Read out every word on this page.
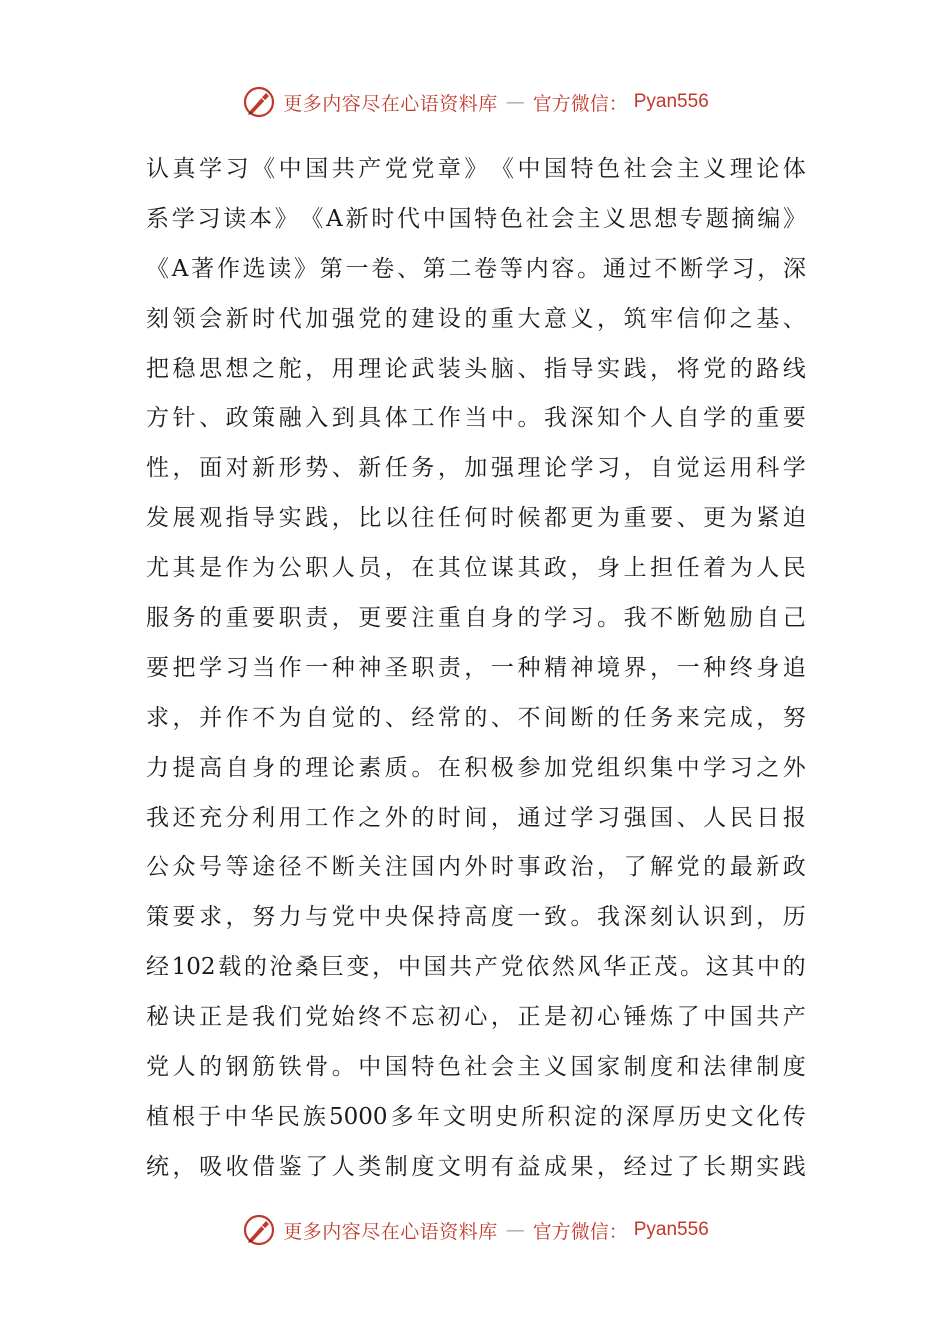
更多内容尽在心语资料库 — 官方微信： Pyan556
认 真 学 习 《 中 国 共 产 党 党 章 》 《 中 国 特 色 社 会 主 义 理 论 体
系 学 习 读 本 》 《 A 新 时 代 中 国 特 色 社 会 主 义 思 想 专 题 摘 编 》
《 A 著 作 选 读 》 第 一 卷 、 第 二 卷 等 内 容 。 通 过 不 断 学 习 ， 深
刻 领 会 新 时 代 加 强 党 的 建 设 的 重 大 意 义 ， 筑 牢 信 仰 之 基 、
把 稳 思 想 之 舵 ， 用 理 论 武 装 头 脑 、 指 导 实 践 ， 将 党 的 路 线
方 针 、 政 策 融 入 到 具 体 工 作 当 中 。 我 深 知 个 人 自 学 的 重 要
性 ， 面 对 新 形 势 、 新 任 务 ， 加 强 理 论 学 习 ， 自 觉 运 用 科 学
发 展 观 指 导 实 践 ， 比 以 往 任 何 时 候 都 更 为 重 要 、 更 为 紧 迫
尤 其 是 作 为 公 职 人 员 ， 在 其 位 谋 其 政 ， 身 上 担 任 着 为 人 民
服 务 的 重 要 职 责 ， 更 要 注 重 自 身 的 学 习 。 我 不 断 勉 励 自 己
要 把 学 习 当 作 一 种 神 圣 职 责 ， 一 种 精 神 境 界 ， 一 种 终 身 追
求 ， 并 作 不 为 自 觉 的 、 经 常 的 、 不 间 断 的 任 务 来 完 成 ， 努
力 提 高 自 身 的 理 论 素 质 。 在 积 极 参 加 党 组 织 集 中 学 习 之 外
我 还 充 分 利 用 工 作 之 外 的 时 间 ， 通 过 学 习 强 国 、 人 民 日 报
公 众 号 等 途 径 不 断 关 注 国 内 外 时 事 政 治 ， 了 解 党 的 最 新 政
策 要 求 ， 努 力 与 党 中 央 保 持 高 度 一 致 。 我 深 刻 认 识 到 ， 历
经 102 载 的 沧 桑 巨 变 ， 中 国 共 产 党 依 然 风 华 正 茂 。 这 其 中 的
秘 诀 正 是 我 们 党 始 终 不 忘 初 心 ， 正 是 初 心 锤 炼 了 中 国 共 产
党 人 的 钢 筋 铁 骨 。 中 国 特 色 社 会 主 义 国 家 制 度 和 法 律 制 度
植 根 于 中 华 民 族 5000 多 年 文 明 史 所 积 淀 的 深 厚 历 史 文 化 传
统 ， 吸 收 借 鉴 了 人 类 制 度 文 明 有 益 成 果 ， 经 过 了 长 期 实 践
更多内容尽在心语资料库 — 官方微信： Pyan556
